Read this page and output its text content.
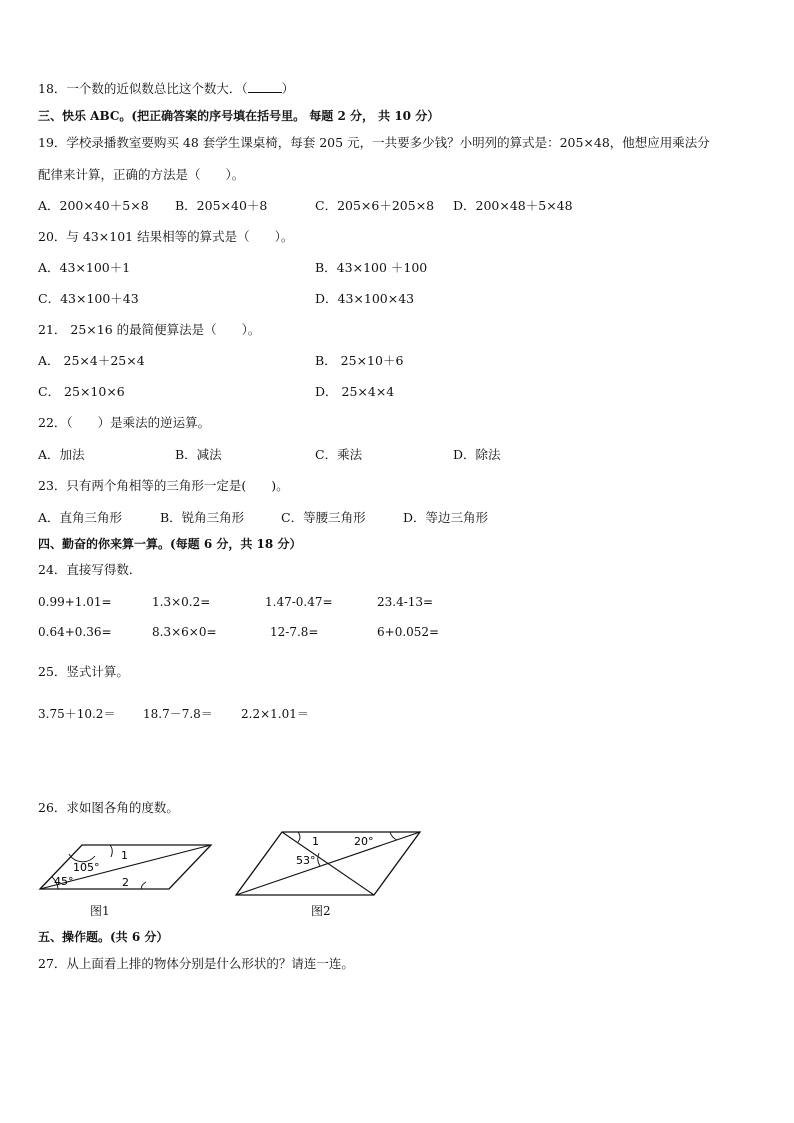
18．一个数的近似数总比这个数大．（	）
三、快乐 ABC。(把正确答案的序号填在括号里。 每题 2 分， 共 10 分）
19．学校录播教室要购买 48 套学生课桌椅，每套 205 元，一共要多少钱？小明列的算式是：205×48，他想应用乘法分
配律来计算，正确的方法是（　　）。
A．200×40＋5×8 B．205×40＋8	C．205×6＋205×8 D．200×48＋5×48
20．与 43×101 结果相等的算式是（　　）。
A．43×100＋1	B．43×100 ＋100
C．43×100＋43	D．43×100×43
21． 25×16 的最简便算法是（　　）。
A． 25×4＋25×4	B． 25×10＋6
C． 25×10×6	D． 25×4×4
22．（　　）是乘法的逆运算。
A．加法	B．减法	C．乘法	D．除法
23．只有两个角相等的三角形一定是(　　)。
A．直角三角形	B．锐角三角形	C．等腰三角形	D．等边三角形
四、勤奋的你来算一算。(每题 6 分，共 18 分）
24．直接写得数．
0.99+1.01=	1.3×0.2=	1.47-0.47=	23.4-13=
0.64+0.36=	8.3×6×0=	12-7.8=	6+0.052=
25．竖式计算。
3.75＋10.2＝ 18.7－7.8＝ 2.2×1.01＝
26．求如图各角的度数。
105°
45°
1
2
图1
1	20°
53°
图2
五、操作题。(共 6 分）
27．从上面看上排的物体分别是什么形状的？请连一连。
